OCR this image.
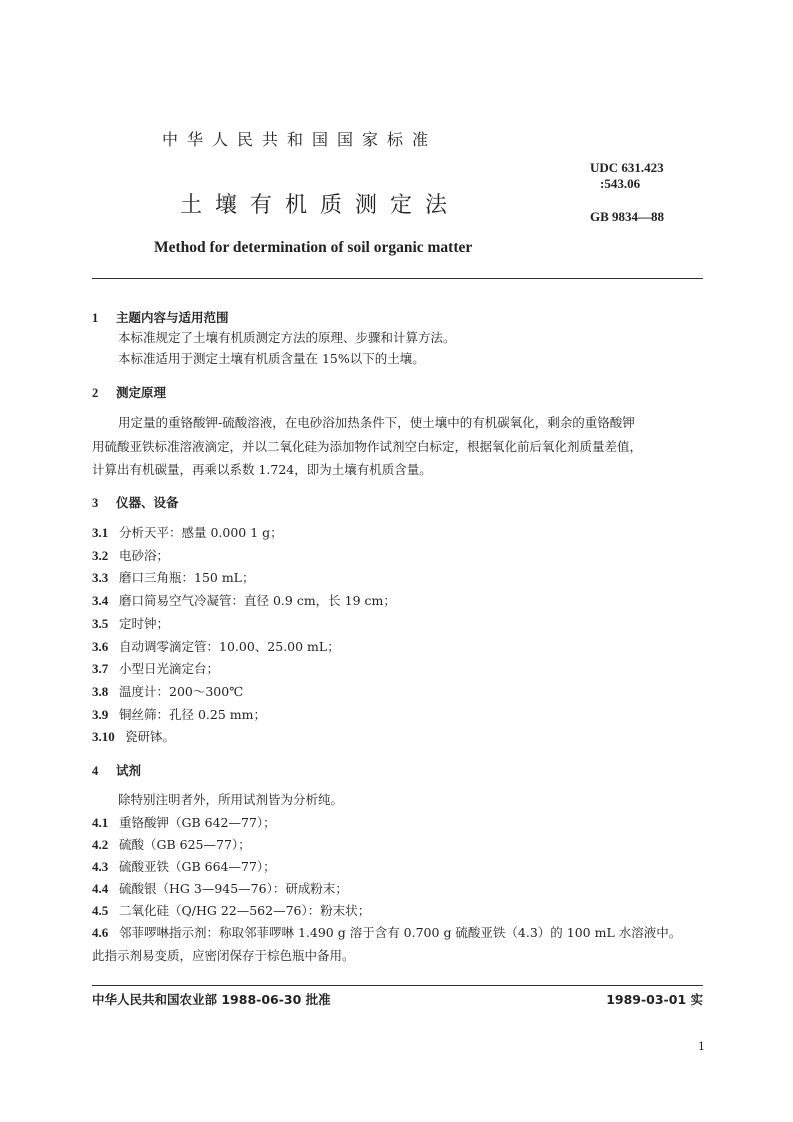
中华人民共和国国家标准
UDC 631.423
:543.06
土壤有机质测定法	GB 9834—88
Method for determination of soil organic matter
1 主题内容与适用范围
本标准规定了土壤有机质测定方法的原理、步骤和计算方法。
本标准适用于测定土壤有机质含量在 15%以下的土壤。
2 测定原理
用定量的重铬酸钾-硫酸溶液，在电砂浴加热条件下，使土壤中的有机碳氧化，剩余的重铬酸钾
用硫酸亚铁标准溶液滴定，并以二氧化硅为添加物作试剂空白标定，根据氧化前后氧化剂质量差值，
计算出有机碳量，再乘以系数 1.724，即为土壤有机质含量。
3 仪器、设备
3.1 分析天平：感量 0.000 1 g；
3.2 电砂浴；
3.3 磨口三角瓶：150 mL；
3.4 磨口简易空气冷凝管：直径 0.9 cm，长 19 cm；
3.5 定时钟；
3.6 自动调零滴定管：10.00、25.00 mL；
3.7 小型日光滴定台；
3.8 温度计：200～300℃
3.9 铜丝筛：孔径 0.25 mm；
3.10 瓷研钵。
4 试剂
除特别注明者外，所用试剂皆为分析纯。
4.1 重铬酸钾（GB 642—77）；
4.2 硫酸（GB 625—77）；
4.3 硫酸亚铁（GB 664—77）；
4.4 硫酸银（HG 3—945—76）：研成粉末；
4.5 二氧化硅（Q/HG 22—562—76）：粉末状；
4.6 邻菲啰啉指示剂：称取邻菲啰啉 1.490 g 溶于含有 0.700 g 硫酸亚铁（4.3）的 100 mL 水溶液中。
此指示剂易变质，应密闭保存于棕色瓶中备用。
中华人民共和国农业部 1988-06-30 批准	1989-03-01 实
1
